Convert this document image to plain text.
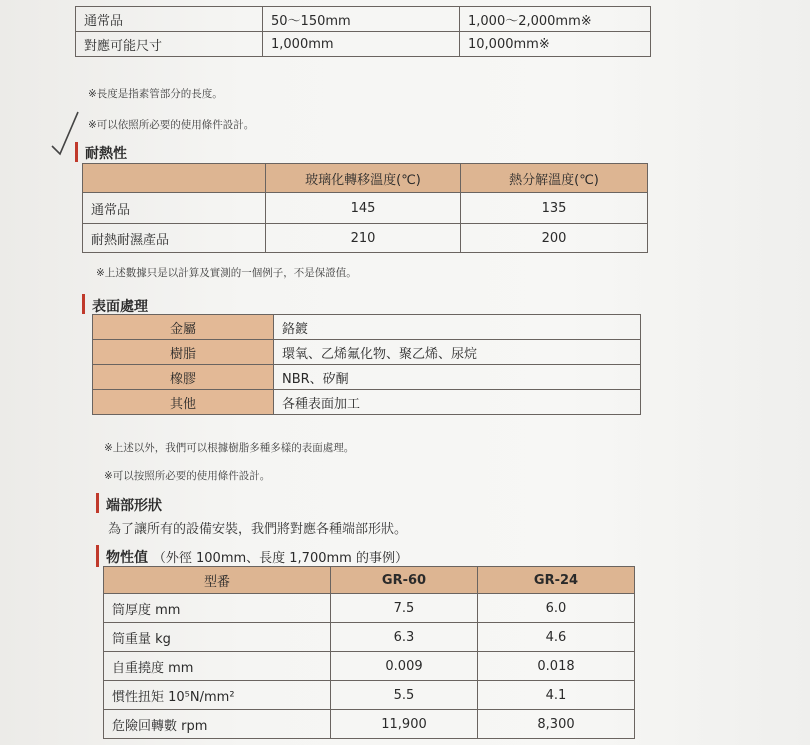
通常品	50～150mm	1,000～2,000mm※
對應可能尺寸	1,000mm	10,000mm※
※長度是指素管部分的長度。
※可以依照所必要的使用條件設計。
耐熱性
	玻璃化轉移溫度(℃)	熱分解溫度(℃)
通常品	145	135
耐熱耐濕產品	210	200
※上述數據只是以計算及實測的一個例子，不是保證值。
表面處理
金屬	鉻鍍
樹脂	環氧、乙烯氟化物、聚乙烯、尿烷
橡膠	NBR、矽酮
其他	各種表面加工
※上述以外，我們可以根據樹脂多種多樣的表面處理。
※可以按照所必要的使用條件設計。
端部形狀
為了讓所有的設備安裝，我們將對應各種端部形狀。
物性值 （外徑 100mm、長度 1,700mm 的事例）
型番	GR-60	GR-24
筒厚度 mm	7.5	6.0
筒重量 kg	6.3	4.6
自重撓度 mm	0.009	0.018
慣性扭矩 10⁵N/mm²	5.5	4.1
危險回轉數 rpm	11,900	8,300
